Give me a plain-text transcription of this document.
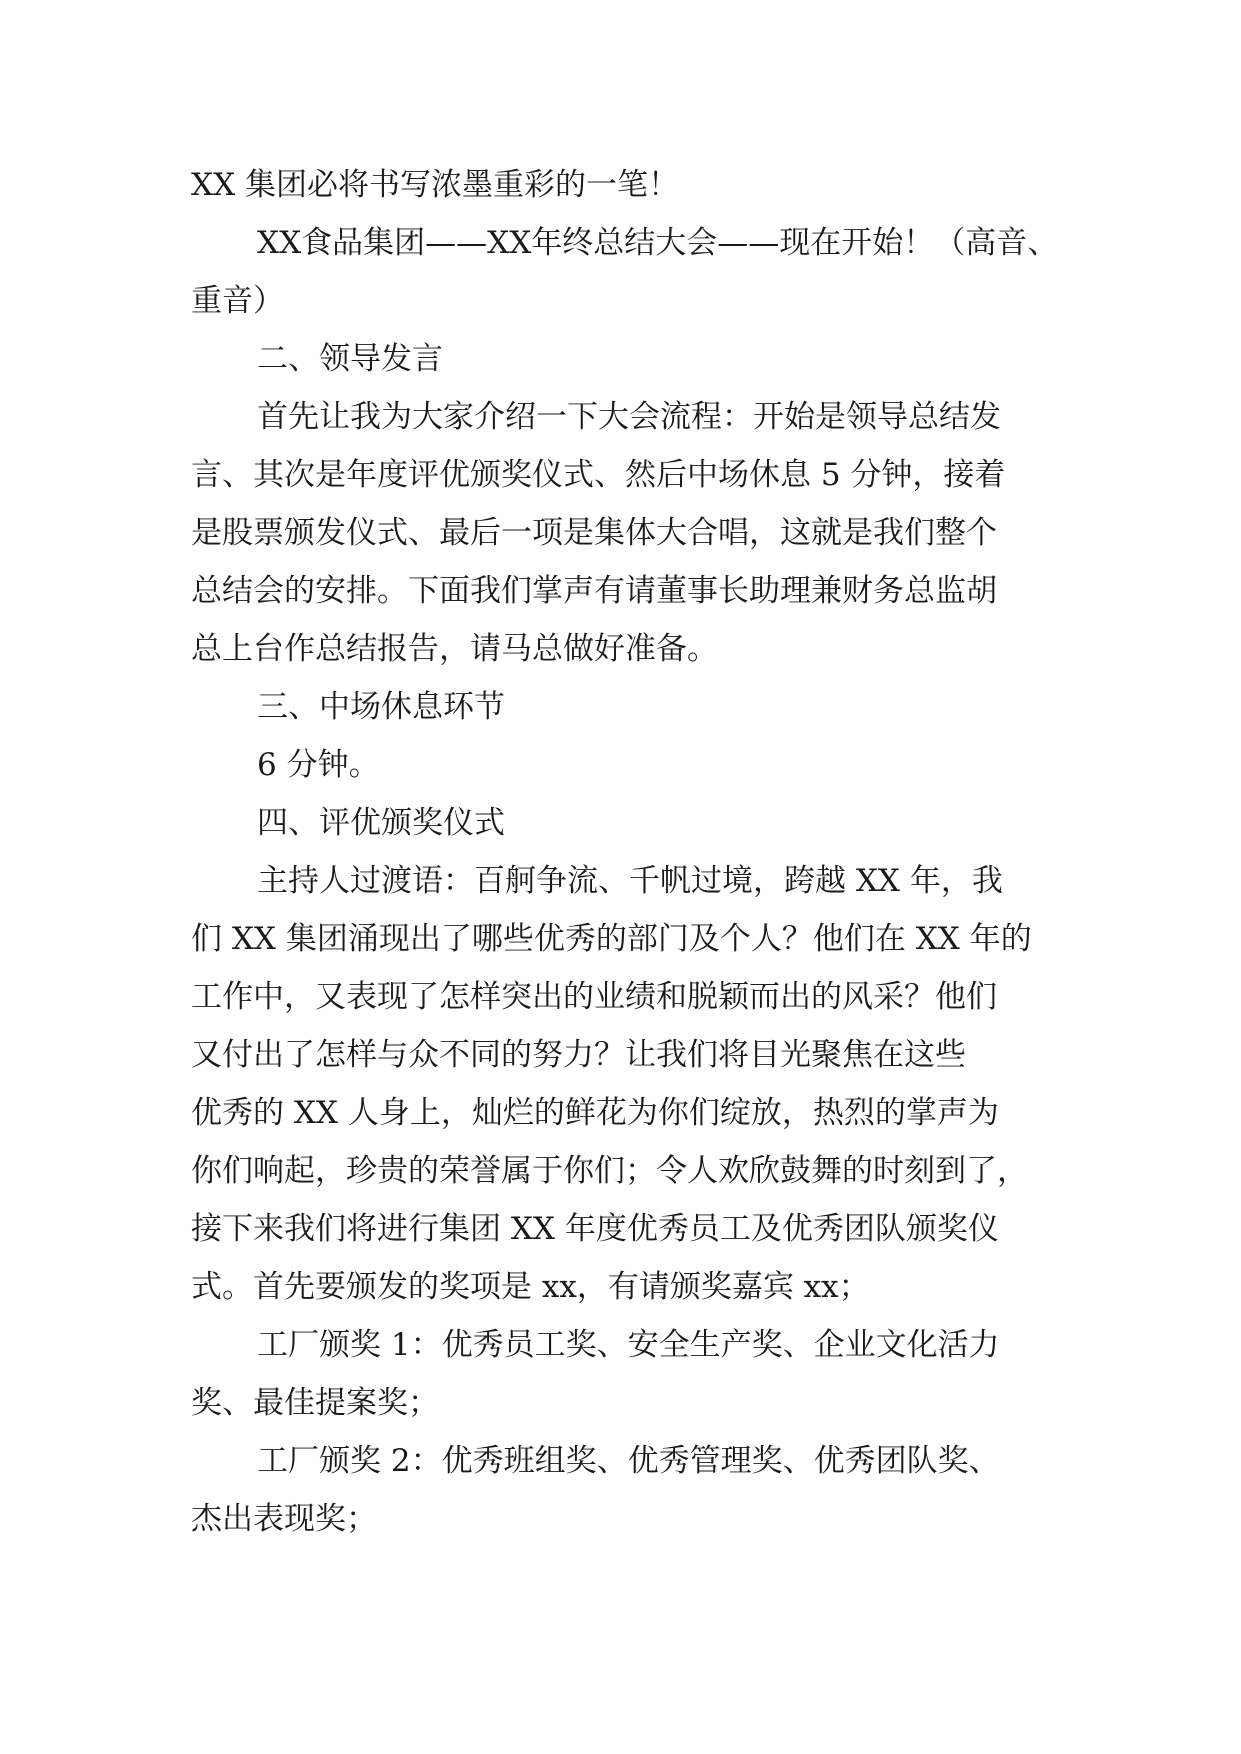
XX 集团必将书写浓墨重彩的一笔！
XX食品集团——XX年终总结大会——现在开始！（高音、
重音）
二、领导发言
首先让我为大家介绍一下大会流程：开始是领导总结发
言、其次是年度评优颁奖仪式、然后中场休息 5 分钟，接着
是股票颁发仪式、最后一项是集体大合唱，这就是我们整个
总结会的安排。下面我们掌声有请董事长助理兼财务总监胡
总上台作总结报告，请马总做好准备。
三、中场休息环节
6 分钟。
四、评优颁奖仪式
主持人过渡语：百舸争流、千帆过境，跨越 XX 年，我
们 XX 集团涌现出了哪些优秀的部门及个人？他们在 XX 年的
工作中，又表现了怎样突出的业绩和脱颖而出的风采？他们
又付出了怎样与众不同的努力？让我们将目光聚焦在这些
优秀的 XX 人身上，灿烂的鲜花为你们绽放，热烈的掌声为
你们响起，珍贵的荣誉属于你们；令人欢欣鼓舞的时刻到了，
接下来我们将进行集团 XX 年度优秀员工及优秀团队颁奖仪
式。首先要颁发的奖项是 xx，有请颁奖嘉宾 xx；
工厂颁奖 1：优秀员工奖、安全生产奖、企业文化活力
奖、最佳提案奖；
工厂颁奖 2：优秀班组奖、优秀管理奖、优秀团队奖、
杰出表现奖；
